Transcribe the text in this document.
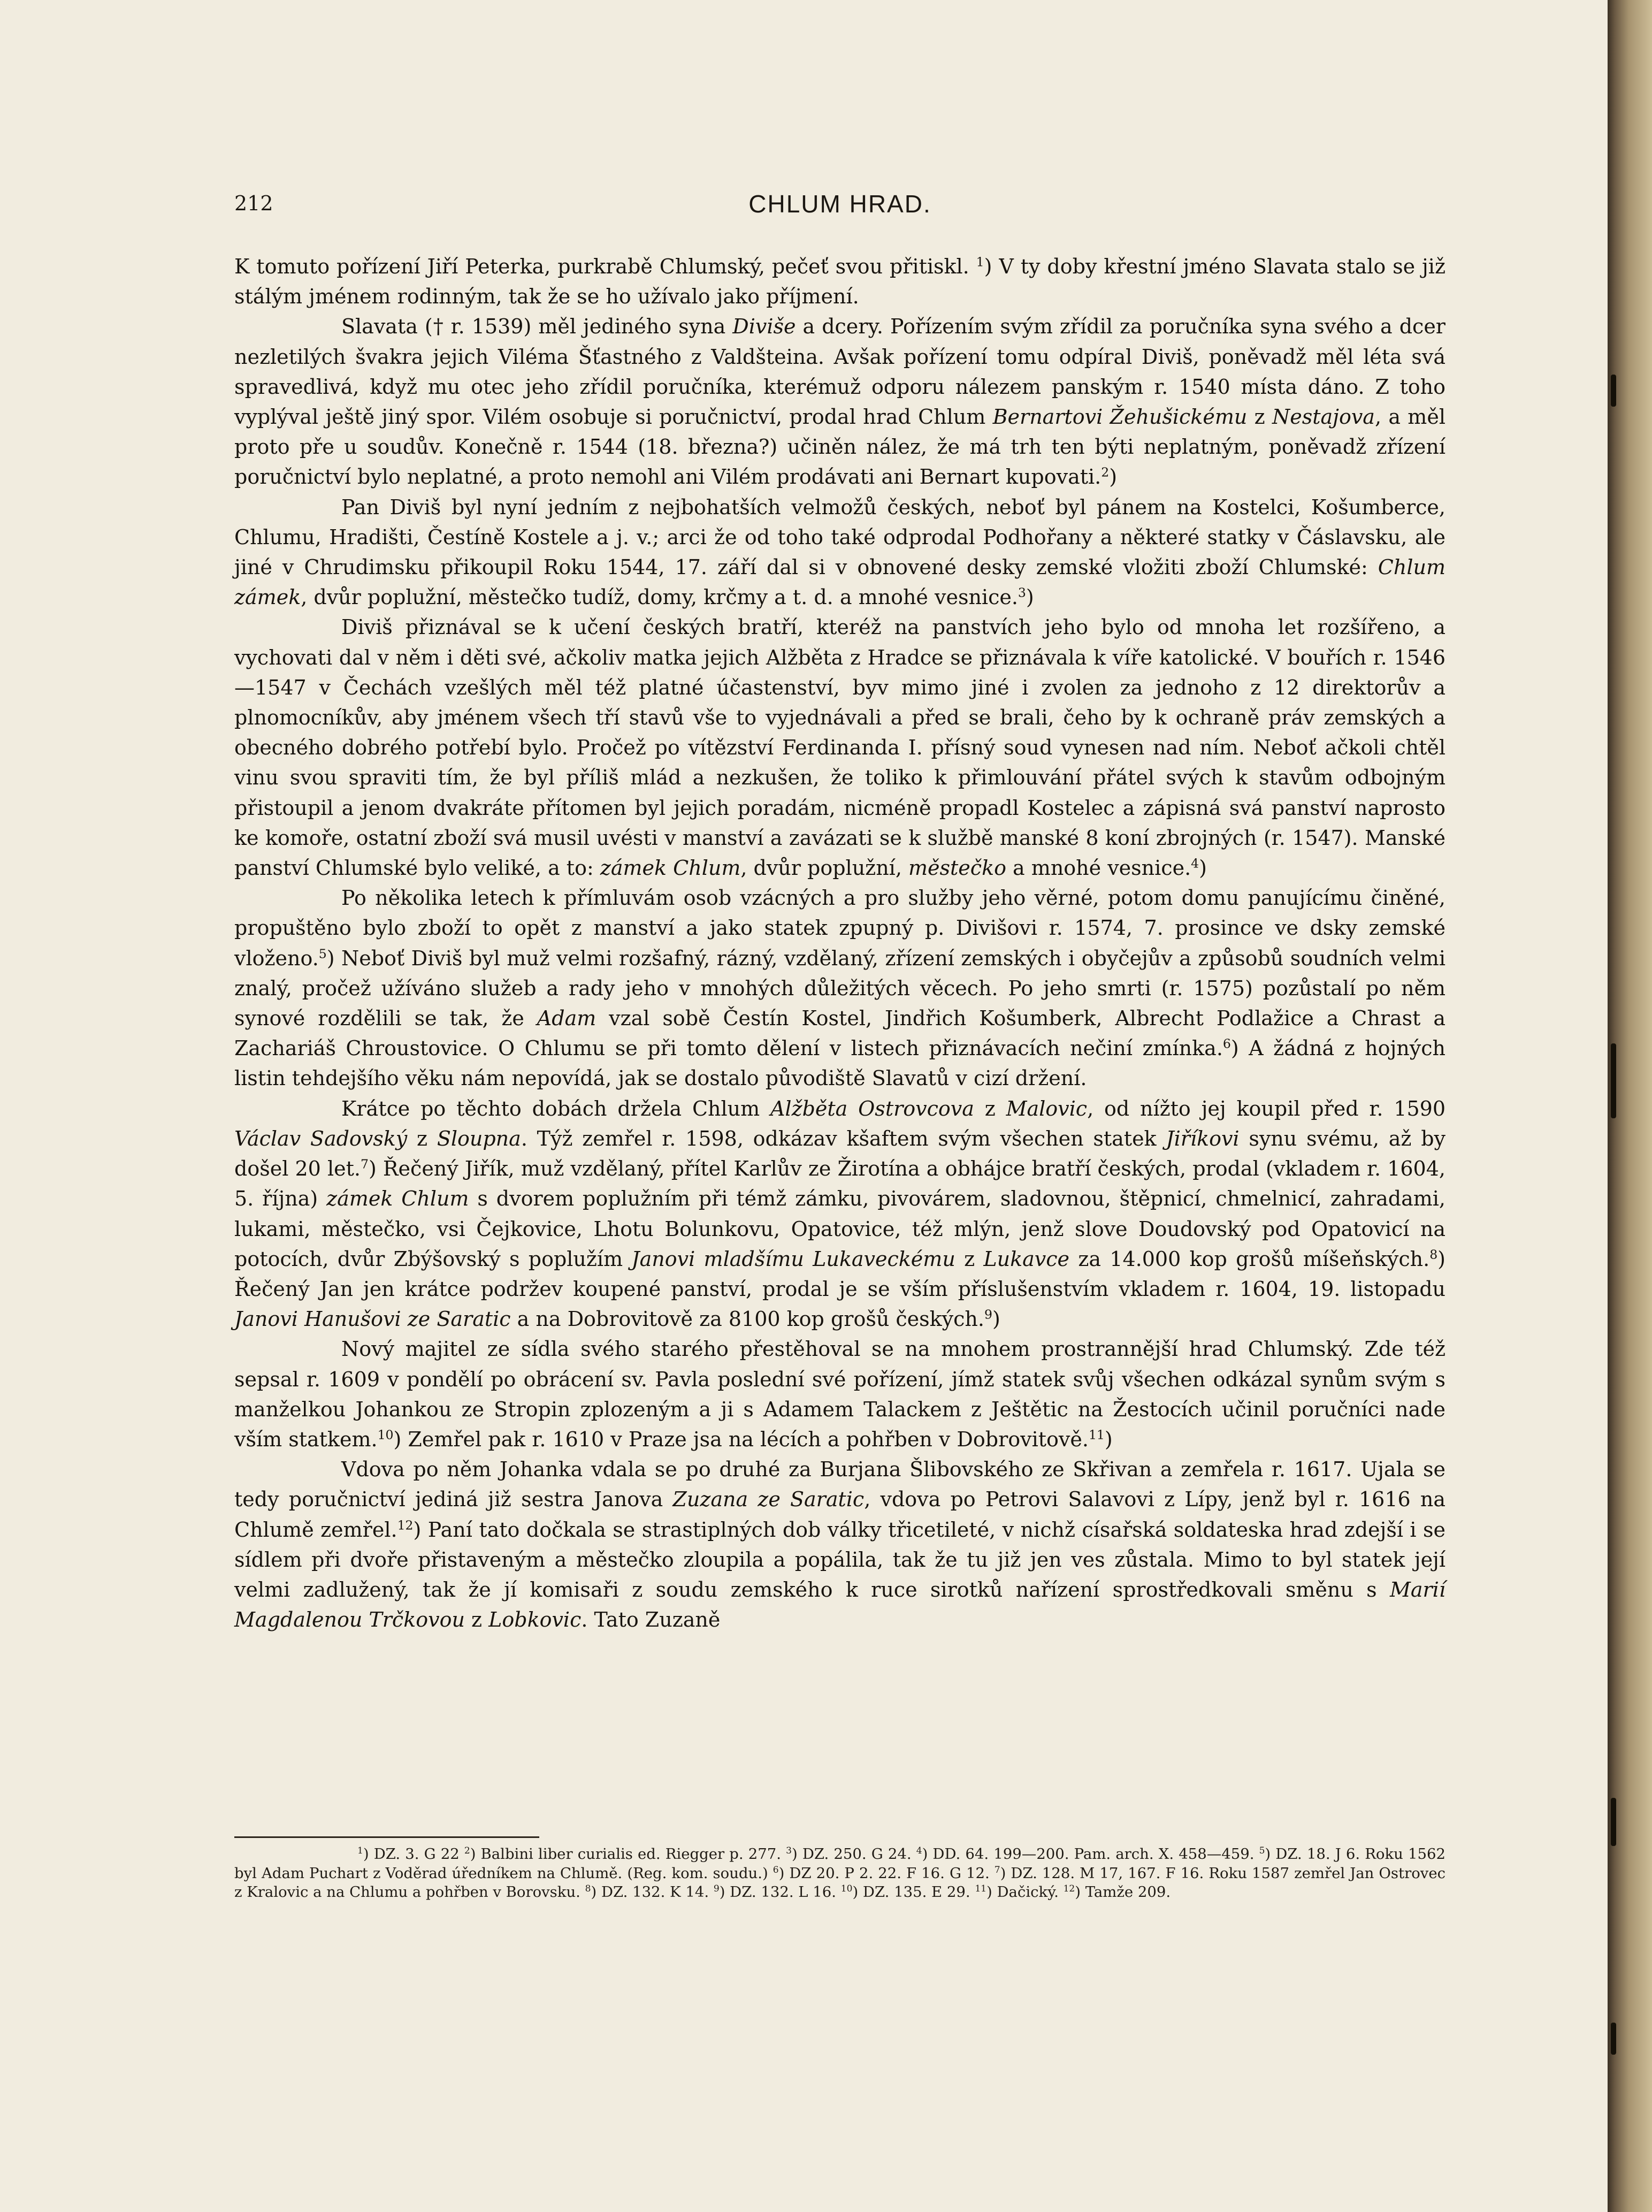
212	CHLUM HRAD.

K tomuto pořízení Jiří Peterka, purkrabě Chlumský, pečeť svou přitiskl. $^1$) V ty doby křestní jméno Slavata stalo se již stálým jménem rodinným, tak že se ho užívalo jako příjmení.

Slavata († r. 1539) měl jediného syna Diviše a dcery. Pořízením svým zřídil za poručníka syna svého a dcer nezletilých švakra jejich Viléma Šťastného z Valdšteina. Avšak pořízení tomu odpíral Diviš, poněvadž měl léta svá spravedlivá, když mu otec jeho zřídil poručníka, kterémuž odporu nálezem panským r. 1540 místa dáno. Z toho vyplýval ještě jiný spor. Vilém osobuje si poručnictví, prodal hrad Chlum Bernartovi Žehušickému z Nestajova, a měl proto pře u soudův. Konečně r. 1544 (18. března?) učiněn nález, že má trh ten býti neplatným, poněvadž zřízení poručnictví bylo neplatné, a proto nemohl ani Vilém prodávati ani Bernart kupovati.$^2$)

Pan Diviš byl nyní jedním z nejbohatších velmožů českých, neboť byl pánem na Kostelci, Košumberce, Chlumu, Hradišti, Čestíně Kostele a j. v.; arci že od toho také odprodal Podhořany a některé statky v Čáslavsku, ale jiné v Chrudimsku přikoupil Roku 1544, 17. září dal si v obnovené desky zemské vložiti zboží Chlumské: Chlum zámek, dvůr poplužní, městečko tudíž, domy, krčmy a t. d. a mnohé vesnice.$^3$)

Diviš přiznával se k učení českých bratří, kteréž na panstvích jeho bylo od mnoha let rozšířeno, a vychovati dal v něm i děti své, ačkoliv matka jejich Alžběta z Hradce se přiznávala k víře katolické. V bouřích r. 1546—1547 v Čechách vzešlých měl též platné účastenství, byv mimo jiné i zvolen za jednoho z 12 direktorův a plnomocníkův, aby jménem všech tří stavů vše to vyjednávali a před se brali, čeho by k ochraně práv zemských a obecného dobrého potřebí bylo. Pročež po vítězství Ferdinanda I. přísný soud vynesen nad ním. Neboť ačkoli chtěl vinu svou spraviti tím, že byl příliš mlád a nezkušen, že toliko k přimlouvání přátel svých k stavům odbojným přistoupil a jenom dvakráte přítomen byl jejich poradám, nicméně propadl Kostelec a zápisná svá panství naprosto ke komoře, ostatní zboží svá musil uvésti v manství a zavázati se k službě manské 8 koní zbrojných (r. 1547). Manské panství Chlumské bylo veliké, a to: zámek Chlum, dvůr poplužní, městečko a mnohé vesnice.$^4$)

Po několika letech k přímluvám osob vzácných a pro služby jeho věrné, potom domu panujícímu činěné, propuštěno bylo zboží to opět z manství a jako statek zpupný p. Divišovi r. 1574, 7. prosince ve dsky zemské vloženo.$^5$) Neboť Diviš byl muž velmi rozšafný, rázný, vzdělaný, zřízení zemských i obyčejův a způsobů soudních velmi znalý, pročež užíváno služeb a rady jeho v mnohých důležitých věcech. Po jeho smrti (r. 1575) pozůstalí po něm synové rozdělili se tak, že Adam vzal sobě Čestín Kostel, Jindřich Košumberk, Albrecht Podlažice a Chrast a Zachariáš Chroustovice. O Chlumu se při tomto dělení v listech přiznávacích nečiní zmínka.$^6$) A žádná z hojných listin tehdejšího věku nám nepovídá, jak se dostalo původiště Slavatů v cizí držení.

Krátce po těchto dobách držela Chlum Alžběta Ostrovcova z Malovic, od nížto jej koupil před r. 1590 Václav Sadovský z Sloupna. Týž zemřel r. 1598, odkázav kšaftem svým všechen statek Jiříkovi synu svému, až by došel 20 let.$^7$) Řečený Jiřík, muž vzdělaný, přítel Karlův ze Žirotína a obhájce bratří českých, prodal (vkladem r. 1604, 5. října) zámek Chlum s dvorem poplužním při témž zámku, pivovárem, sladovnou, štěpnicí, chmelnicí, zahradami, lukami, městečko, vsi Čejkovice, Lhotu Bolunkovu, Opatovice, též mlýn, jenž slove Doudovský pod Opatovicí na potocích, dvůr Zbýšovský s poplužím Janovi mladšímu Lukaveckému z Lukavce za 14.000 kop grošů míšeňských.$^8$) Řečený Jan jen krátce podržev koupené panství, prodal je se vším příslušenstvím vkladem r. 1604, 19. listopadu Janovi Hanušovi ze Saratic a na Dobrovitově za 8100 kop grošů českých.$^9$)

Nový majitel ze sídla svého starého přestěhoval se na mnohem prostrannější hrad Chlumský. Zde též sepsal r. 1609 v pondělí po obrácení sv. Pavla poslední své pořízení, jímž statek svůj všechen odkázal synům svým s manželkou Johankou ze Stropin zplozeným a ji s Adamem Talackem z Ještětic na Žestocích učinil poručníci nade vším statkem.$^{10}$) Zemřel pak r. 1610 v Praze jsa na lécích a pohřben v Dobrovitově.$^{11}$)

Vdova po něm Johanka vdala se po druhé za Burjana Šlibovského ze Skřivan a zemřela r. 1617. Ujala se tedy poručnictví jediná již sestra Janova Zuzana ze Saratic, vdova po Petrovi Salavovi z Lípy, jenž byl r. 1616 na Chlumě zemřel.$^{12}$) Paní tato dočkala se strastiplných dob války třicetileté, v nichž císařská soldateska hrad zdejší i se sídlem při dvoře přistaveným a městečko zloupila a popálila, tak že tu již jen ves zůstala. Mimo to byl statek její velmi zadlužený, tak že jí komisaři z soudu zemského k ruce sirotků nařízení sprostředkovali směnu s Marií Magdalenou Trčkovou z Lobkovic. Tato Zuzaně

$^1$) DZ. 3. G 22 $^2$) Balbini liber curialis ed. Riegger p. 277. $^3$) DZ. 250. G 24. $^4$) DD. 64. 199—200. Pam. arch. X. 458—459. $^5$) DZ. 18. J 6. Roku 1562 byl Adam Puchart z Voděrad úředníkem na Chlumě. (Reg. kom. soudu.) $^6$) DZ 20. P 2. 22. F 16. G 12. $^7$) DZ. 128. M 17, 167. F 16. Roku 1587 zemřel Jan Ostrovec z Kralovic a na Chlumu a pohřben v Borovsku. $^8$) DZ. 132. K 14. $^9$) DZ. 132. L 16. $^{10}$) DZ. 135. E 29. $^{11}$) Dačický. $^{12}$) Tamže 209.
